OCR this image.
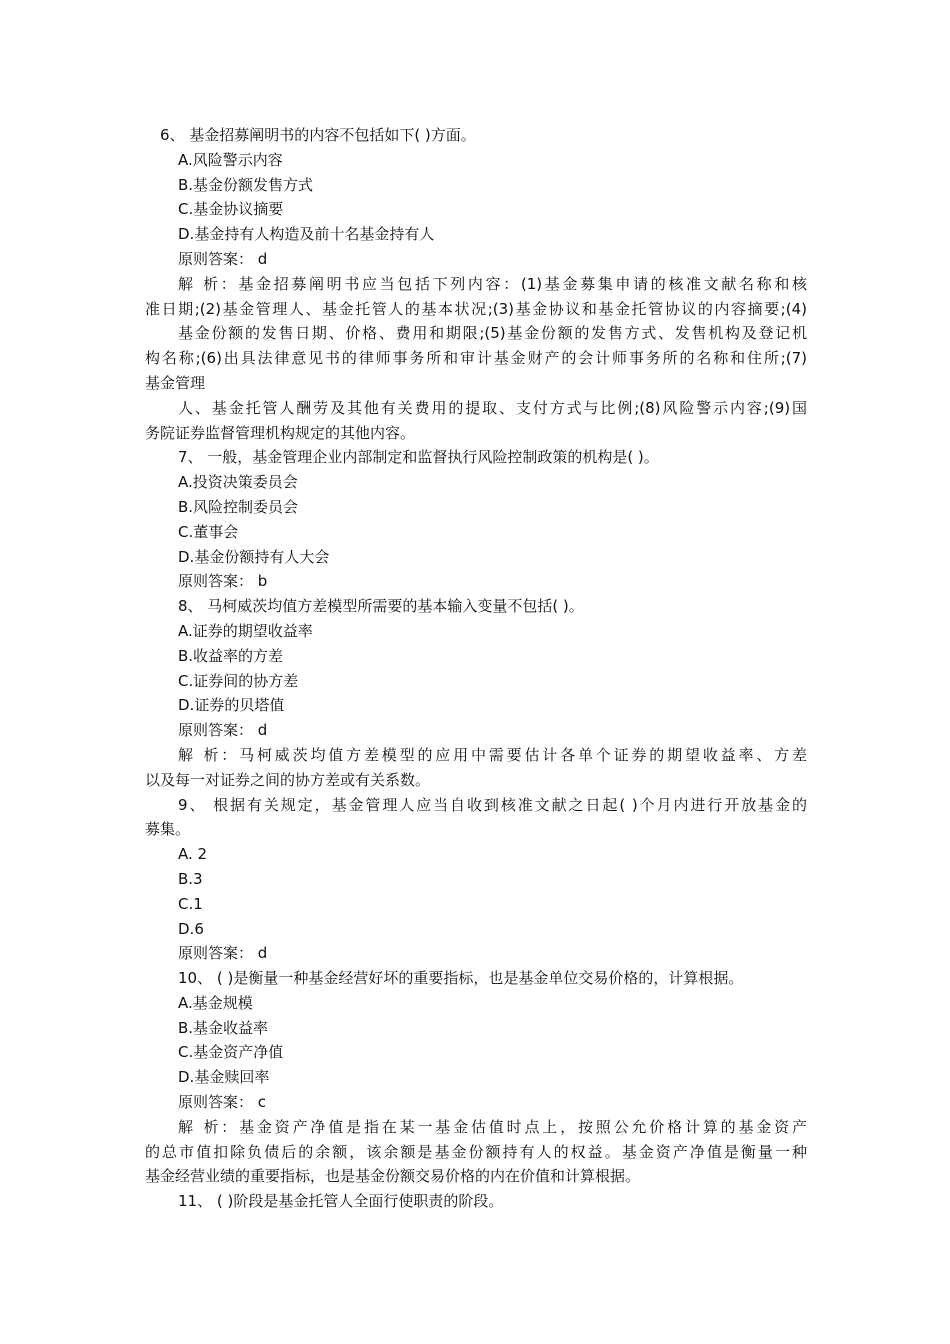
6、 基金招募阐明书的内容不包括如下( )方面。
A.风险警示内容
B.基金份额发售方式
C.基金协议摘要
D.基金持有人构造及前十名基金持有人
原则答案： d
解 析：基金招募阐明书应当包括下列内容：(1)基金募集申请的核准文献名称和核
准日期;(2)基金管理人、基金托管人的基本状况;(3)基金协议和基金托管协议的内容摘要;(4)
基金份额的发售日期、价格、费用和期限;(5)基金份额的发售方式、发售机构及登记机
构名称;(6)出具法律意见书的律师事务所和审计基金财产的会计师事务所的名称和住所;(7)
基金管理
人、基金托管人酬劳及其他有关费用的提取、支付方式与比例;(8)风险警示内容;(9)国
务院证券监督管理机构规定的其他内容。
7、 一般，基金管理企业内部制定和监督执行风险控制政策的机构是( )。
A.投资决策委员会
B.风险控制委员会
C.董事会
D.基金份额持有人大会
原则答案： b
8、 马柯威茨均值方差模型所需要的基本输入变量不包括( )。
A.证券的期望收益率
B.收益率的方差
C.证券间的协方差
D.证券的贝塔值
原则答案： d
解 析：马柯威茨均值方差模型的应用中需要估计各单个证券的期望收益率、方差
以及每一对证券之间的协方差或有关系数。
9、 根据有关规定，基金管理人应当自收到核准文献之日起( )个月内进行开放基金的
募集。
A. 2
B.3
C.1
D.6
原则答案： d
10、 ( )是衡量一种基金经营好坏的重要指标，也是基金单位交易价格的，计算根据。
A.基金规模
B.基金收益率
C.基金资产净值
D.基金赎回率
原则答案： c
解 析：基金资产净值是指在某一基金估值时点上，按照公允价格计算的基金资产
的总市值扣除负债后的余额，该余额是基金份额持有人的权益。基金资产净值是衡量一种
基金经营业绩的重要指标，也是基金份额交易价格的内在价值和计算根据。
11、 ( )阶段是基金托管人全面行使职责的阶段。
